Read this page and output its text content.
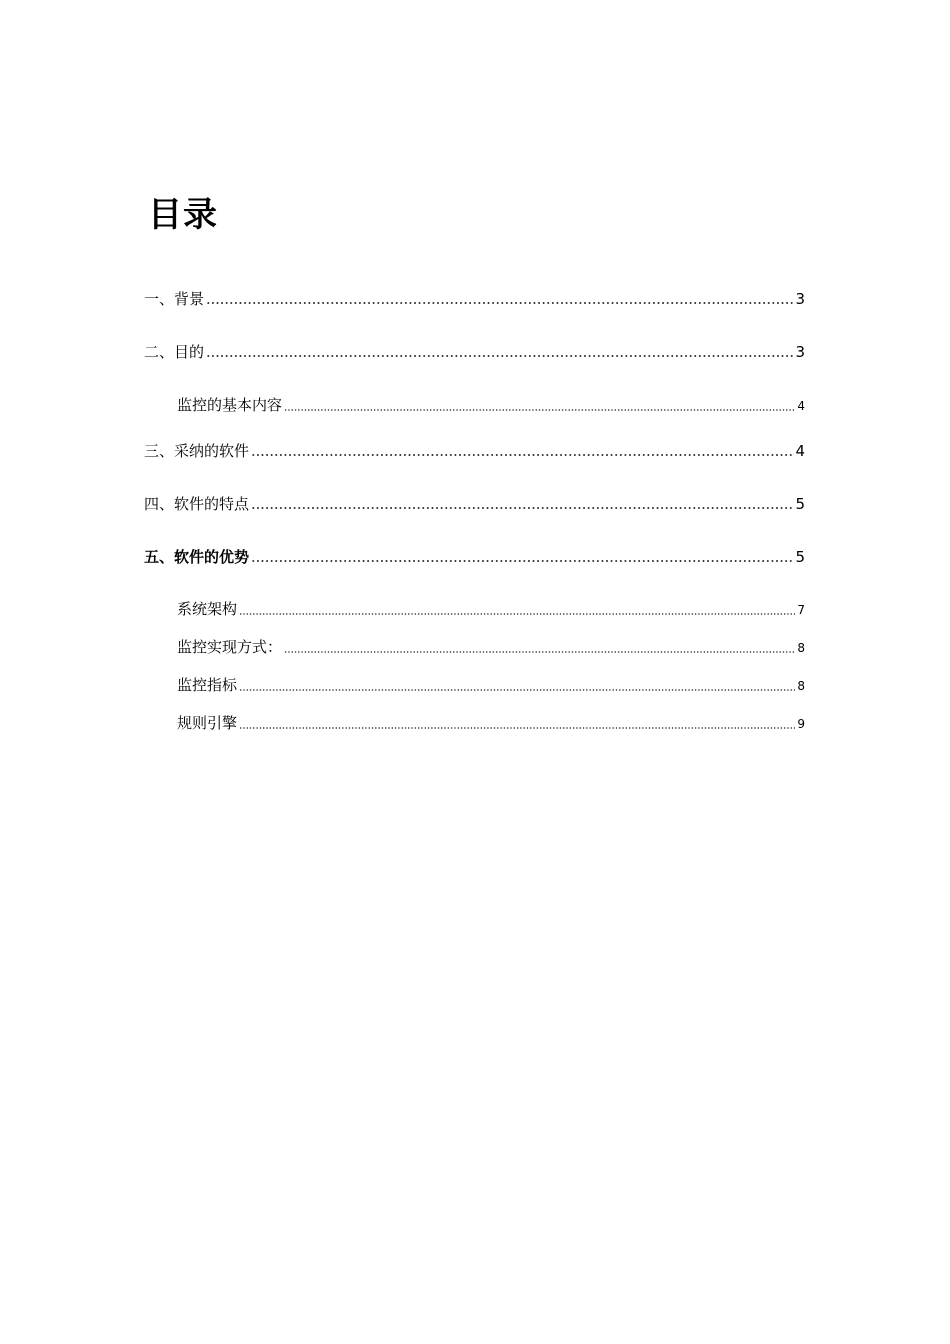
目录
一、背景	3
二、目的	3
监控的基本内容	4
三、采纳的软件	4
四、软件的特点	5
五、软件的优势	5
系统架构	7
监控实现方式：	8
监控指标	8
规则引擎	9
